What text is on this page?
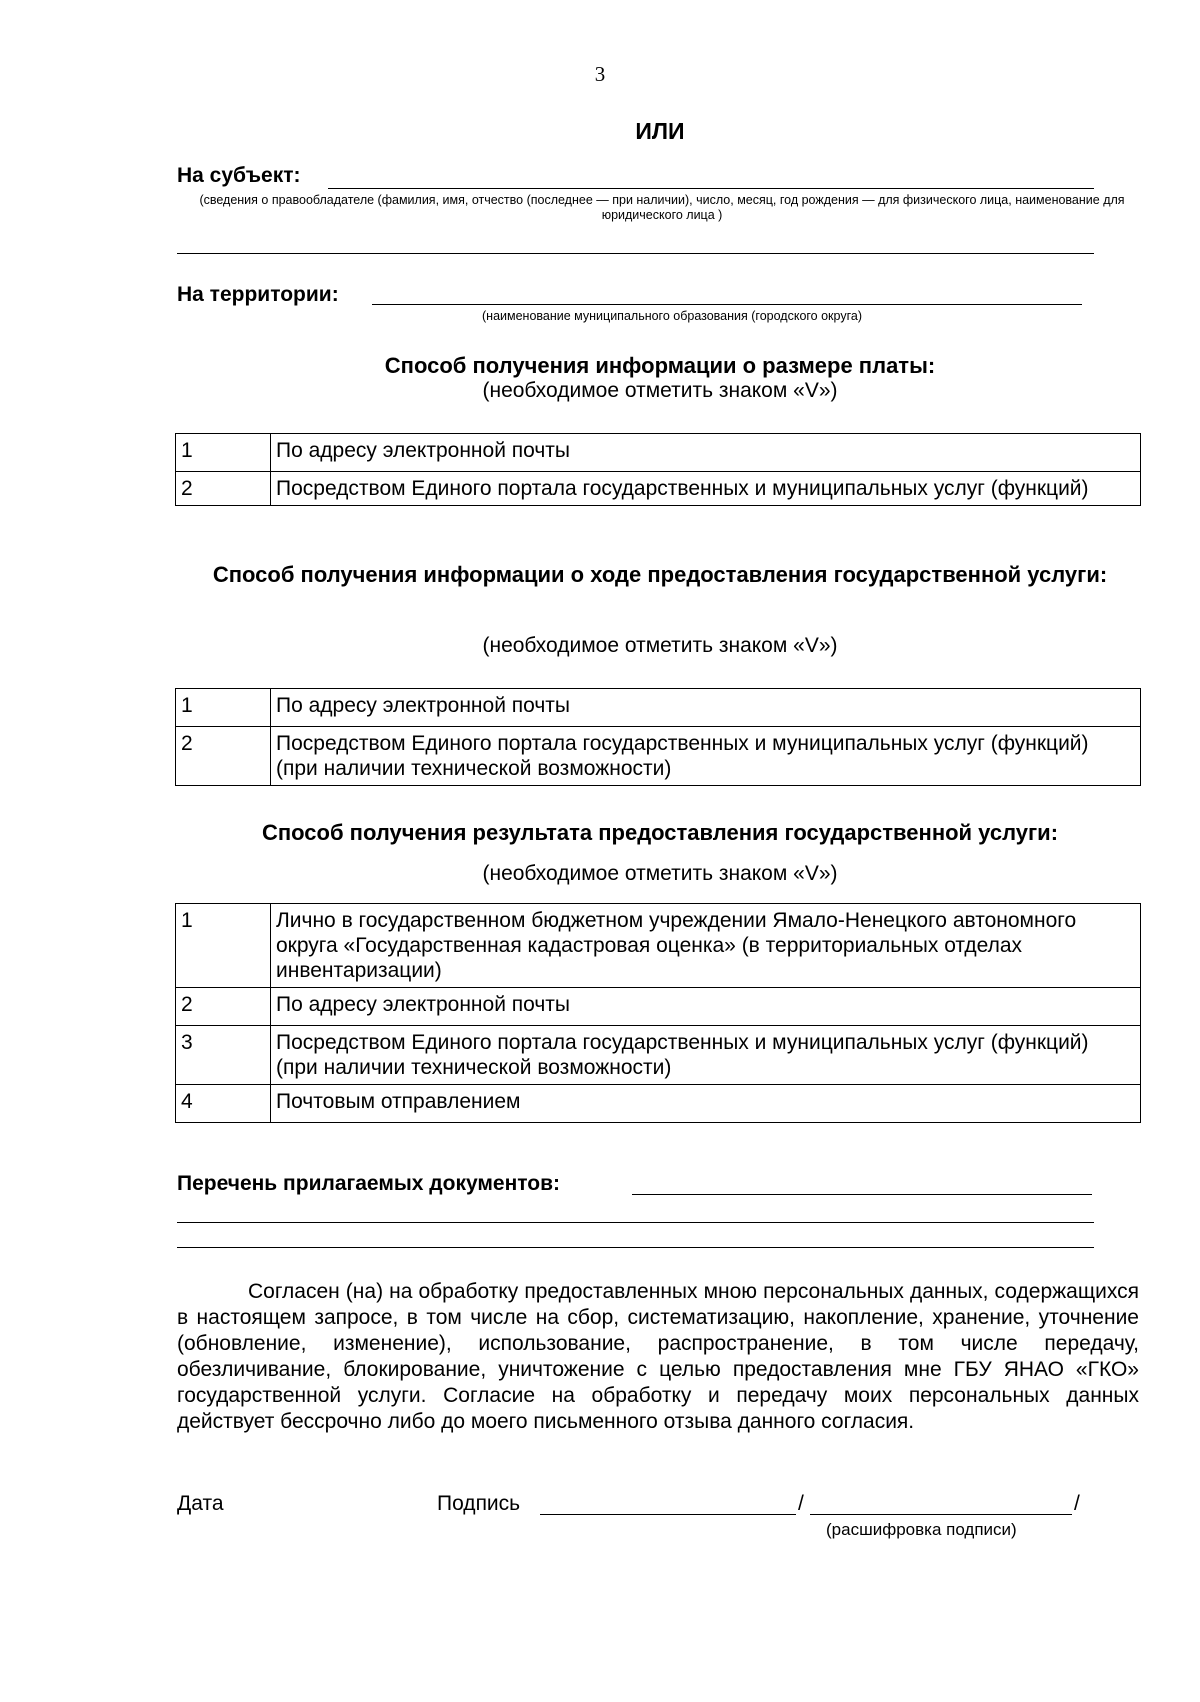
3
ИЛИ
На субъект:
(сведения о правообладателе (фамилия, имя, отчество (последнее — при наличии), число, месяц, год рождения — для физического лица, наименование для юридического лица )
На территории:
(наименование муниципального образования (городского округа)
Способ получения информации о размере платы:
(необходимое отметить знаком «V»)
1	По адресу электронной почты
2	Посредством Единого портала государственных и муниципальных услуг (функций)
Способ получения информации о ходе предоставления государственной услуги:
(необходимое отметить знаком «V»)
1	По адресу электронной почты
2	Посредством Единого портала государственных и муниципальных услуг (функций) (при наличии технической возможности)
Способ получения результата предоставления государственной услуги:
(необходимое отметить знаком «V»)
1	Лично в государственном бюджетном учреждении Ямало-Ненецкого автономного округа «Государственная кадастровая оценка» (в территориальных отделах инвентаризации)
2	По адресу электронной почты
3	Посредством Единого портала государственных и муниципальных услуг (функций) (при наличии технической возможности)
4	Почтовым отправлением
Перечень прилагаемых документов:
Согласен (на) на обработку предоставленных мною персональных данных, содержащихся в настоящем запросе, в том числе на сбор, систематизацию, накопление, хранение, уточнение (обновление, изменение), использование, распространение, в том числе передачу, обезличивание, блокирование, уничтожение с целью предоставления мне ГБУ ЯНАО «ГКО» государственной услуги. Согласие на обработку и передачу моих персональных данных действует бессрочно либо до моего письменного отзыва данного согласия.
Дата	Подпись	/	/
(расшифровка подписи)
